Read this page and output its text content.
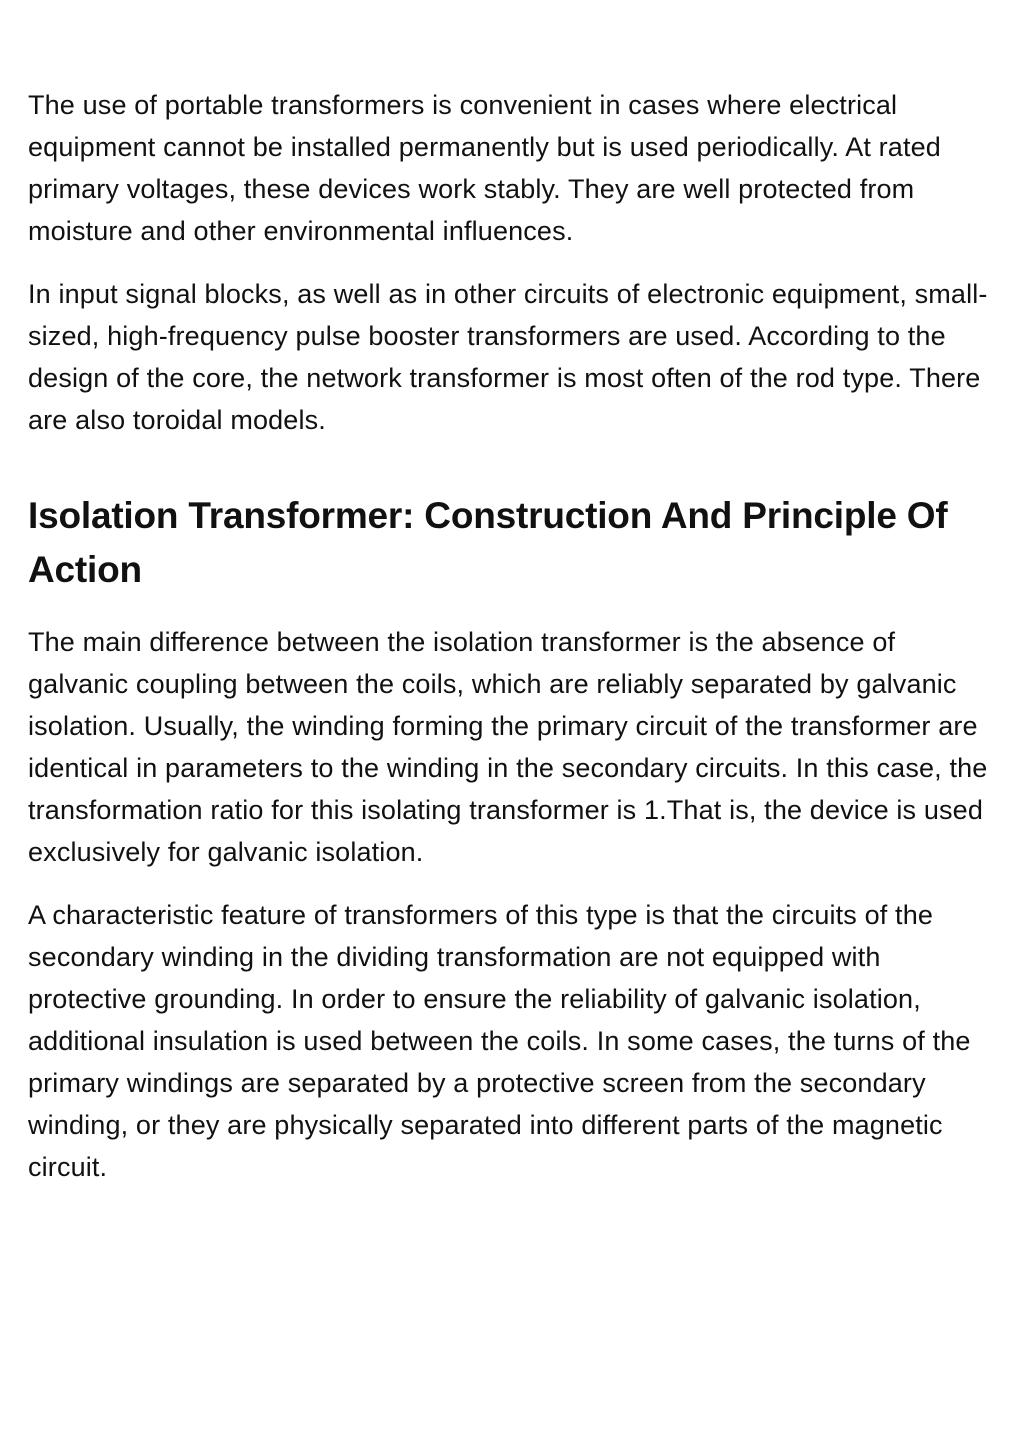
The use of portable transformers is convenient in cases where electrical equipment cannot be installed permanently but is used periodically. At rated primary voltages, these devices work stably. They are well protected from moisture and other environmental influences.

In input signal blocks, as well as in other circuits of electronic equipment, small-sized, high-frequency pulse booster transformers are used. According to the design of the core, the network transformer is most often of the rod type. There are also toroidal models.

Isolation Transformer: Construction And Principle Of Action

The main difference between the isolation transformer is the absence of galvanic coupling between the coils, which are reliably separated by galvanic isolation. Usually, the winding forming the primary circuit of the transformer are identical in parameters to the winding in the secondary circuits. In this case, the transformation ratio for this isolating transformer is 1.That is, the device is used exclusively for galvanic isolation.

A characteristic feature of transformers of this type is that the circuits of the secondary winding in the dividing transformation are not equipped with protective grounding. In order to ensure the reliability of galvanic isolation, additional insulation is used between the coils. In some cases, the turns of the primary windings are separated by a protective screen from the secondary winding, or they are physically separated into different parts of the magnetic circuit.
